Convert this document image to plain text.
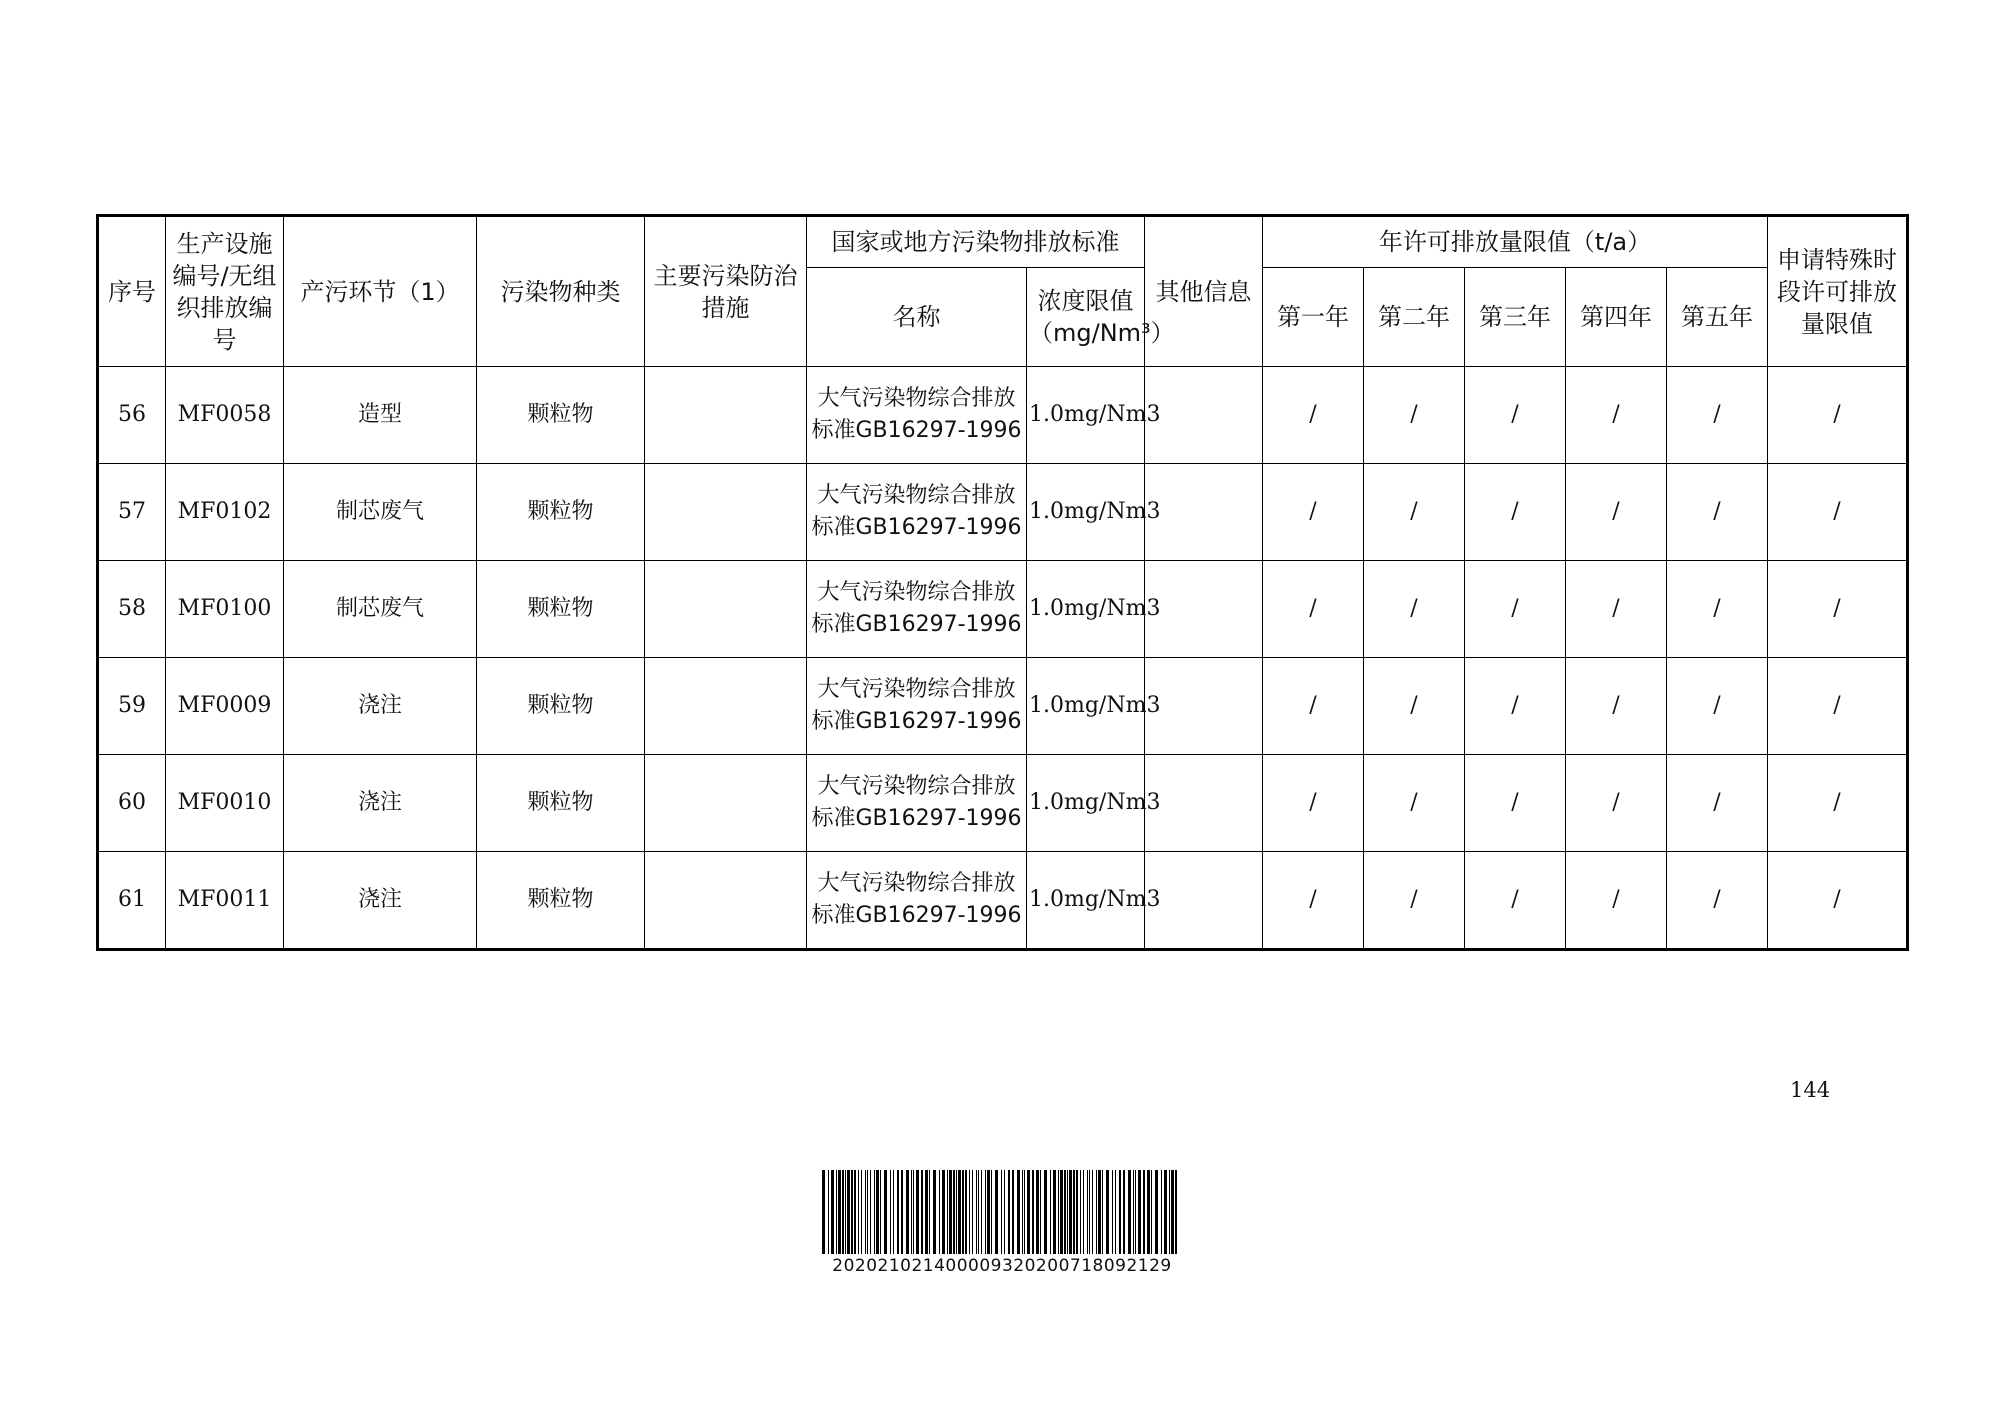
序号	生产设施编号/无组织排放编号	产污环节（1）	污染物种类	主要污染防治措施	国家或地方污染物排放标准		其他信息	年许可排放量限值（t/a）					申请特殊时段许可排放量限值
					名称	浓度限值（mg/Nm³）		第一年	第二年	第三年	第四年	第五年	
56	MF0058	造型	颗粒物		大气污染物综合排放标准GB16297-1996	1.0mg/Nm3		/	/	/	/	/	/
57	MF0102	制芯废气	颗粒物		大气污染物综合排放标准GB16297-1996	1.0mg/Nm3		/	/	/	/	/	/
58	MF0100	制芯废气	颗粒物		大气污染物综合排放标准GB16297-1996	1.0mg/Nm3		/	/	/	/	/	/
59	MF0009	浇注	颗粒物		大气污染物综合排放标准GB16297-1996	1.0mg/Nm3		/	/	/	/	/	/
60	MF0010	浇注	颗粒物		大气污染物综合排放标准GB16297-1996	1.0mg/Nm3		/	/	/	/	/	/
61	MF0011	浇注	颗粒物		大气污染物综合排放标准GB16297-1996	1.0mg/Nm3		/	/	/	/	/	/
144
20202102140000932020071809212​9
